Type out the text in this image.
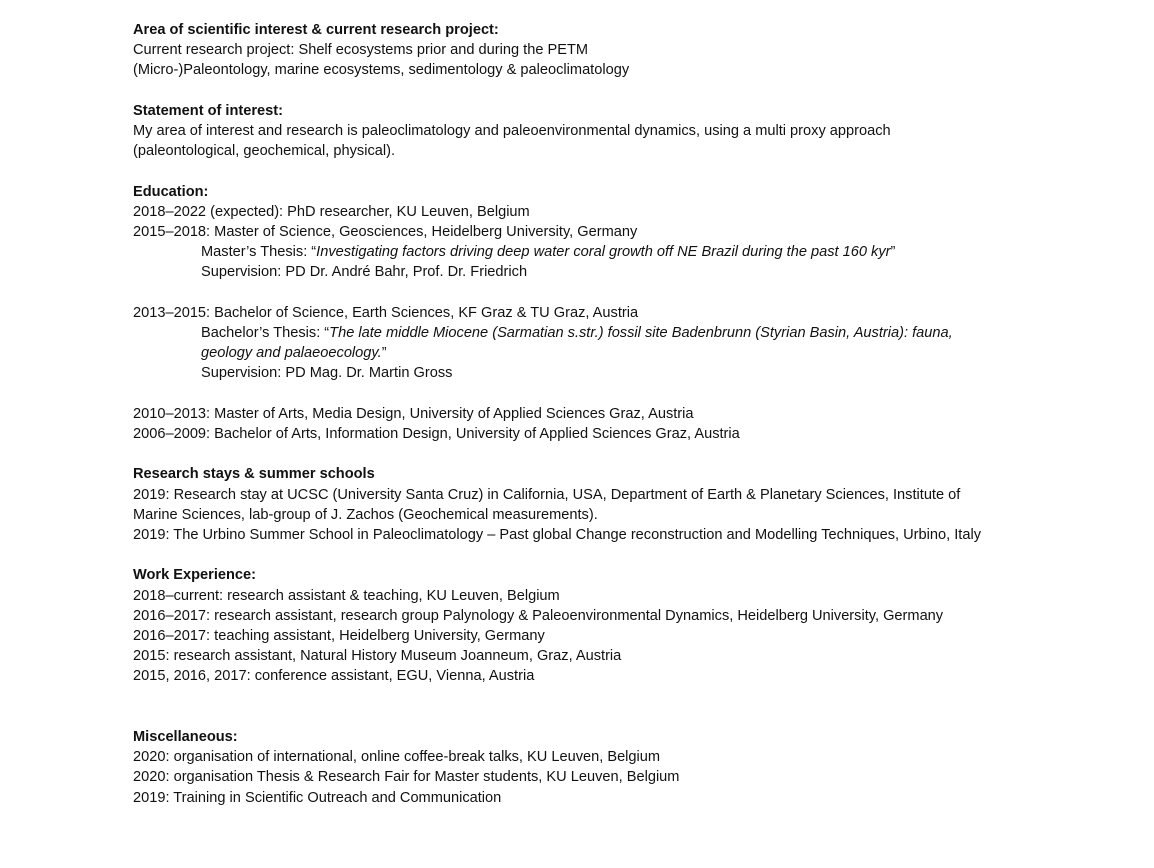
Area of scientific interest & current research project:
Current research project: Shelf ecosystems prior and during the PETM
(Micro-)Paleontology, marine ecosystems, sedimentology & paleoclimatology
Statement of interest:
My area of interest and research is paleoclimatology and paleoenvironmental dynamics, using a multi proxy approach
(paleontological, geochemical, physical).
Education:
2018–2022 (expected): PhD researcher, KU Leuven, Belgium
2015–2018: Master of Science, Geosciences, Heidelberg University, Germany
Master’s Thesis: “Investigating factors driving deep water coral growth off NE Brazil during the past 160 kyr”
Supervision: PD Dr. André Bahr, Prof. Dr. Friedrich
2013–2015: Bachelor of Science, Earth Sciences, KF Graz & TU Graz, Austria
Bachelor’s Thesis: “The late middle Miocene (Sarmatian s.str.) fossil site Badenbrunn (Styrian Basin, Austria): fauna,
geology and palaeoecology.”
Supervision: PD Mag. Dr. Martin Gross
2010–2013: Master of Arts, Media Design, University of Applied Sciences Graz, Austria
2006–2009: Bachelor of Arts, Information Design, University of Applied Sciences Graz, Austria
Research stays & summer schools
2019: Research stay at UCSC (University Santa Cruz) in California, USA, Department of Earth & Planetary Sciences, Institute of
Marine Sciences, lab-group of J. Zachos (Geochemical measurements).
2019: The Urbino Summer School in Paleoclimatology – Past global Change reconstruction and Modelling Techniques, Urbino, Italy
Work Experience:
2018–current: research assistant & teaching, KU Leuven, Belgium
2016–2017: research assistant, research group Palynology & Paleoenvironmental Dynamics, Heidelberg University, Germany
2016–2017: teaching assistant, Heidelberg University, Germany
2015: research assistant, Natural History Museum Joanneum, Graz, Austria
2015, 2016, 2017: conference assistant, EGU, Vienna, Austria
Miscellaneous:
2020: organisation of international, online coffee-break talks, KU Leuven, Belgium
2020: organisation Thesis & Research Fair for Master students, KU Leuven, Belgium
2019: Training in Scientific Outreach and Communication
